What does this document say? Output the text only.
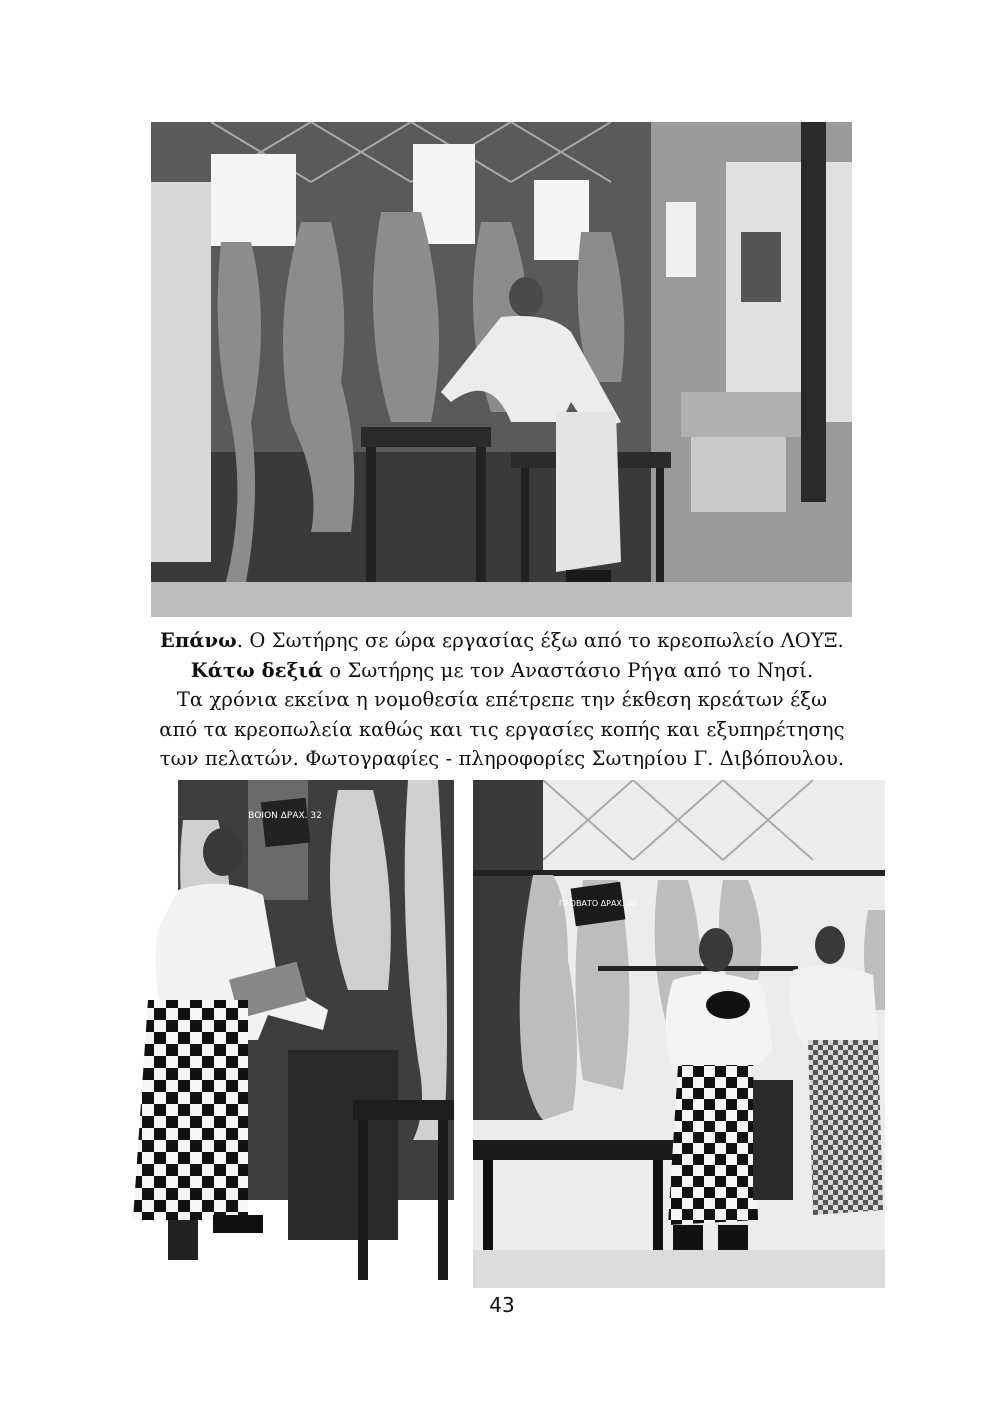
Επάνω. Ο Σωτήρης σε ώρα εργασίας έξω από το κρεοπωλείο ΛΟΥΞ.
Κάτω δεξιά ο Σωτήρης με τον Αναστάσιο Ρήγα από το Νησί.
Τα χρόνια εκείνα η νομοθεσία επέτρεπε την έκθεση κρεάτων έξω
από τα κρεοπωλεία καθώς και τις εργασίες κοπής και εξυπηρέτησης
των πελατών. Φωτογραφίες - πληροφορίες Σωτηρίου Γ. Διβόπουλου.
ΒΟΙΟΝ ΔΡΑΧ. 32
ΠΡΟΒΑΤΟ ΔΡΑΧ. 30
43
